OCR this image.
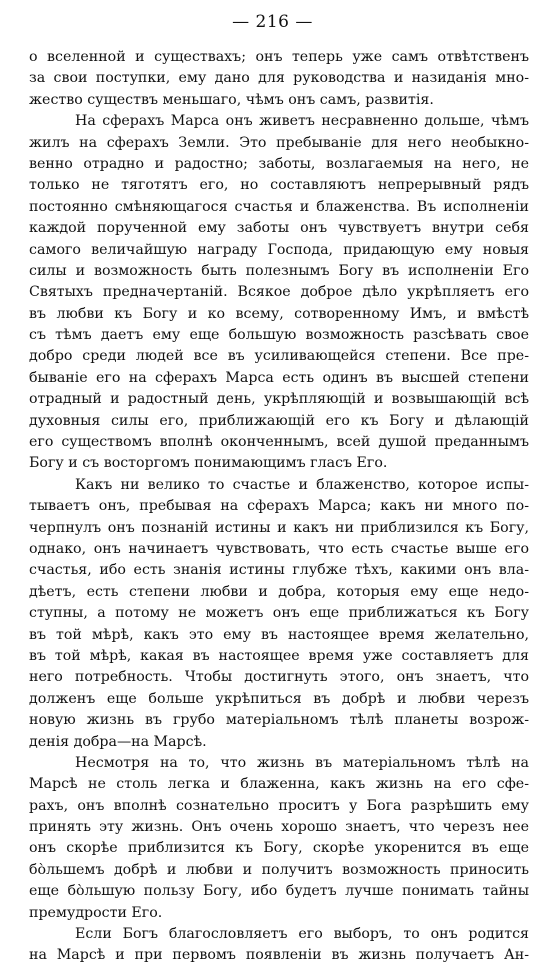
— 216 —
о вселенной и существахъ; онъ теперь уже самъ отвѣтственъ
за свои поступки, ему дано для руководства и назиданія мно-
жество существъ меньшаго, чѣмъ онъ самъ, развитія.
На сферахъ Марса онъ живетъ несравненно дольше, чѣмъ
жилъ на сферахъ Земли. Это пребываніе для него необыкно-
венно отрадно и радостно; заботы, возлагаемыя на него, не
только не тяготятъ его, но составляютъ непрерывный рядъ
постоянно смѣняющагося счастья и блаженства. Въ исполненіи
каждой порученной ему заботы онъ чувствуетъ внутри себя
самого величайшую награду Господа, придающую ему новыя
силы и возможность быть полезнымъ Богу въ исполненіи Его
Святыхъ предначертаній. Всякое доброе дѣло укрѣпляетъ его
въ любви къ Богу и ко всему, сотворенному Имъ, и вмѣстѣ
съ тѣмъ даетъ ему еще большую возможность разсѣвать свое
добро среди людей все въ усиливающейся степени. Все пре-
бываніе его на сферахъ Марса есть одинъ въ высшей степени
отрадный и радостный день, укрѣпляющій и возвышающій всѣ
духовныя силы его, приближающій его къ Богу и дѣлающій
его существомъ вполнѣ оконченнымъ, всей душой преданнымъ
Богу и съ восторгомъ понимающимъ гласъ Его.
Какъ ни велико то счастье и блаженство, которое испы-
тываетъ онъ, пребывая на сферахъ Марса; какъ ни много по-
черпнулъ онъ познаній истины и какъ ни приблизился къ Богу,
однако, онъ начинаетъ чувствовать, что есть счастье выше его
счастья, ибо есть знанія истины глубже тѣхъ, какими онъ вла-
дѣетъ, есть степени любви и добра, которыя ему еще недо-
ступны, а потому не можетъ онъ еще приближаться къ Богу
въ той мѣрѣ, какъ это ему въ настоящее время желательно,
въ той мѣрѣ, какая въ настоящее время уже составляетъ для
него потребность. Чтобы достигнуть этого, онъ знаетъ, что
долженъ еще больше укрѣпиться въ добрѣ и любви черезъ
новую жизнь въ грубо матеріальномъ тѣлѣ планеты возрож-
денія добра—на Марсѣ.
Несмотря на то, что жизнь въ матеріальномъ тѣлѣ на
Марсѣ не столь легка и блаженна, какъ жизнь на его сфе-
рахъ, онъ вполнѣ сознательно проситъ у Бога разрѣшить ему
принять эту жизнь. Онъ очень хорошо знаетъ, что черезъ нее
онъ скорѣе приблизится къ Богу, скорѣе укоренится въ еще
бо̀льшемъ добрѣ и любви и получитъ возможность приносить
еще бо̀льшую пользу Богу, ибо будетъ лучше понимать тайны
премудрости Его.
Если Богъ благословляетъ его выборъ, то онъ родится
на Марсѣ и при первомъ появленіи въ жизнь получаетъ Ан-
